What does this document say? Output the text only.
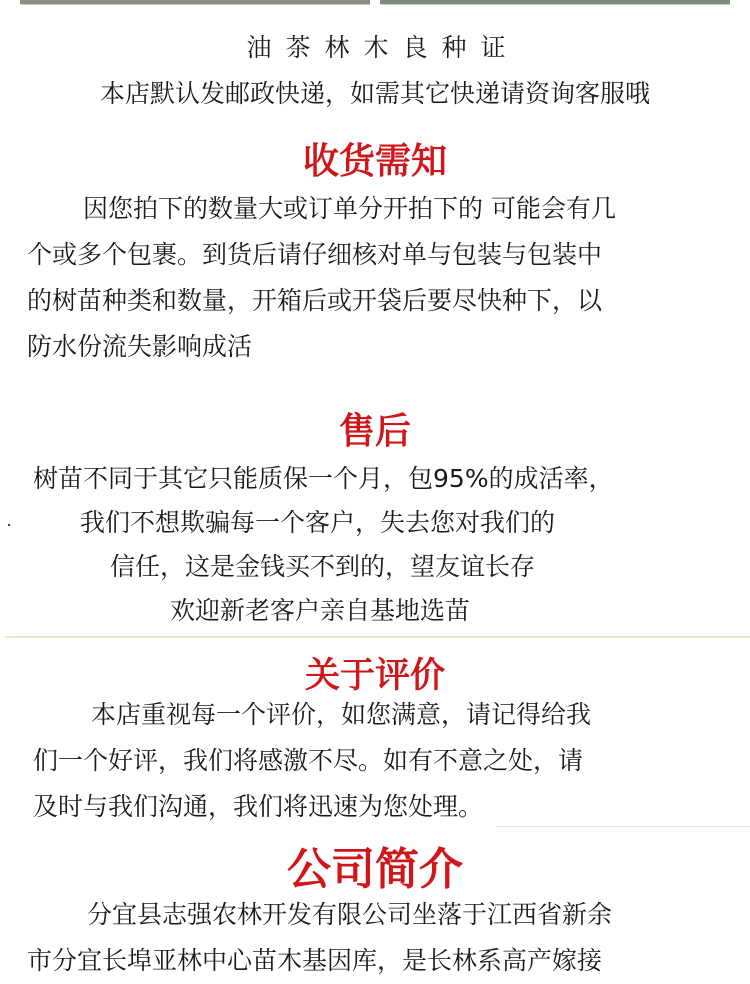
油茶林木良种证
本店默认发邮政快递，如需其它快递请资询客服哦
收货需知
因您拍下的数量大或订单分开拍下的 可能会有几
个或多个包裹。到货后请仔细核对单与包装与包装中
的树苗种类和数量，开箱后或开袋后要尽快种下，以
防水份流失影响成活
售后
树苗不同于其它只能质保一个月，包95%的成活率，
我们不想欺骗每一个客户，失去您对我们的
信任，这是金钱买不到的，望友谊长存
欢迎新老客户亲自基地选苗
关于评价
本店重视每一个评价，如您满意，请记得给我
们一个好评，我们将感激不尽。如有不意之处，请
及时与我们沟通，我们将迅速为您处理。
公司简介
分宜县志强农林开发有限公司坐落于江西省新余
市分宜长埠亚林中心苗木基因库，是长林系高产嫁接
